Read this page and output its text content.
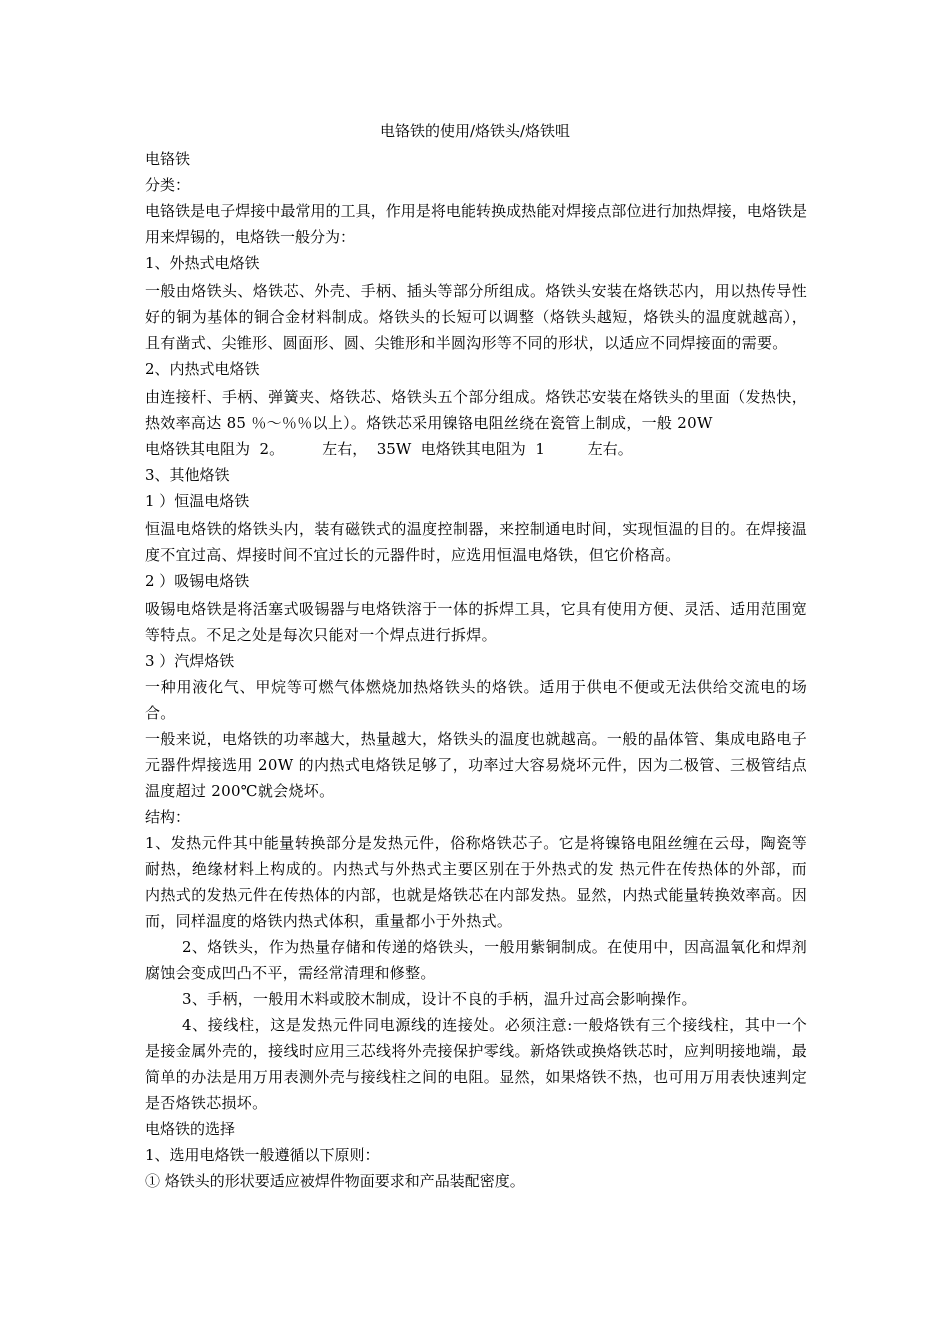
电铬铁的使用/烙铁头/烙铁咀
电铬铁
分类：
电铬铁是电子焊接中最常用的工具，作用是将电能转换成热能对焊接点部位进行加热焊接，电烙铁是用来焊锡的，电烙铁一般分为：
1、外热式电烙铁
一般由烙铁头、烙铁芯、外壳、手柄、插头等部分所组成。烙铁头安装在烙铁芯内，用以热传导性好的铜为基体的铜合金材料制成。烙铁头的长短可以调整（烙铁头越短，烙铁头的温度就越高），且有凿式、尖锥形、圆面形、圆、尖锥形和半圆沟形等不同的形状，以适应不同焊接面的需要。
2、内热式电烙铁
由连接杆、手柄、弹簧夹、烙铁芯、烙铁头五个部分组成。烙铁芯安装在烙铁头的里面（发热快，热效率高达 85 ％～％％以上）。烙铁芯采用镍铬电阻丝绕在瓷管上制成，一般 20W
电烙铁其电阻为  2。        左右，  35W  电烙铁其电阻为  1         左右。
3、其他烙铁
1 ）恒温电烙铁
恒温电烙铁的烙铁头内，装有磁铁式的温度控制器，来控制通电时间，实现恒温的目的。在焊接温度不宜过高、焊接时间不宜过长的元器件时，应选用恒温电烙铁，但它价格高。
2 ）吸锡电烙铁
吸锡电烙铁是将活塞式吸锡器与电烙铁溶于一体的拆焊工具，它具有使用方便、灵活、适用范围宽等特点。不足之处是每次只能对一个焊点进行拆焊。
3 ）汽焊烙铁
一种用液化气、甲烷等可燃气体燃烧加热烙铁头的烙铁。适用于供电不便或无法供给交流电的场合。
一般来说，电烙铁的功率越大，热量越大，烙铁头的温度也就越高。一般的晶体管、集成电路电子元器件焊接选用 20W 的内热式电烙铁足够了，功率过大容易烧坏元件，因为二极管、三极管结点温度超过 200℃就会烧坏。
结构：
1、发热元件其中能量转换部分是发热元件，俗称烙铁芯子。它是将镍铬电阻丝缠在云母，陶瓷等耐热，绝缘材料上构成的。内热式与外热式主要区别在于外热式的发 热元件在传热体的外部，而内热式的发热元件在传热体的内部，也就是烙铁芯在内部发热。显然，内热式能量转换效率高。因而，同样温度的烙铁内热式体积，重量都小于外热式。
2、烙铁头，作为热量存储和传递的烙铁头，一般用紫铜制成。在使用中，因高温氧化和焊剂腐蚀会变成凹凸不平，需经常清理和修整。
3、手柄，一般用木料或胶木制成，设计不良的手柄，温升过高会影响操作。
4、接线柱，这是发热元件同电源线的连接处。必须注意:一般烙铁有三个接线柱，其中一个是接金属外壳的，接线时应用三芯线将外壳接保护零线。新烙铁或换烙铁芯时，应判明接地端，最简单的办法是用万用表测外壳与接线柱之间的电阻。显然，如果烙铁不热，也可用万用表快速判定是否烙铁芯损坏。
电烙铁的选择
1、选用电烙铁一般遵循以下原则：
① 烙铁头的形状要适应被焊件物面要求和产品装配密度。
